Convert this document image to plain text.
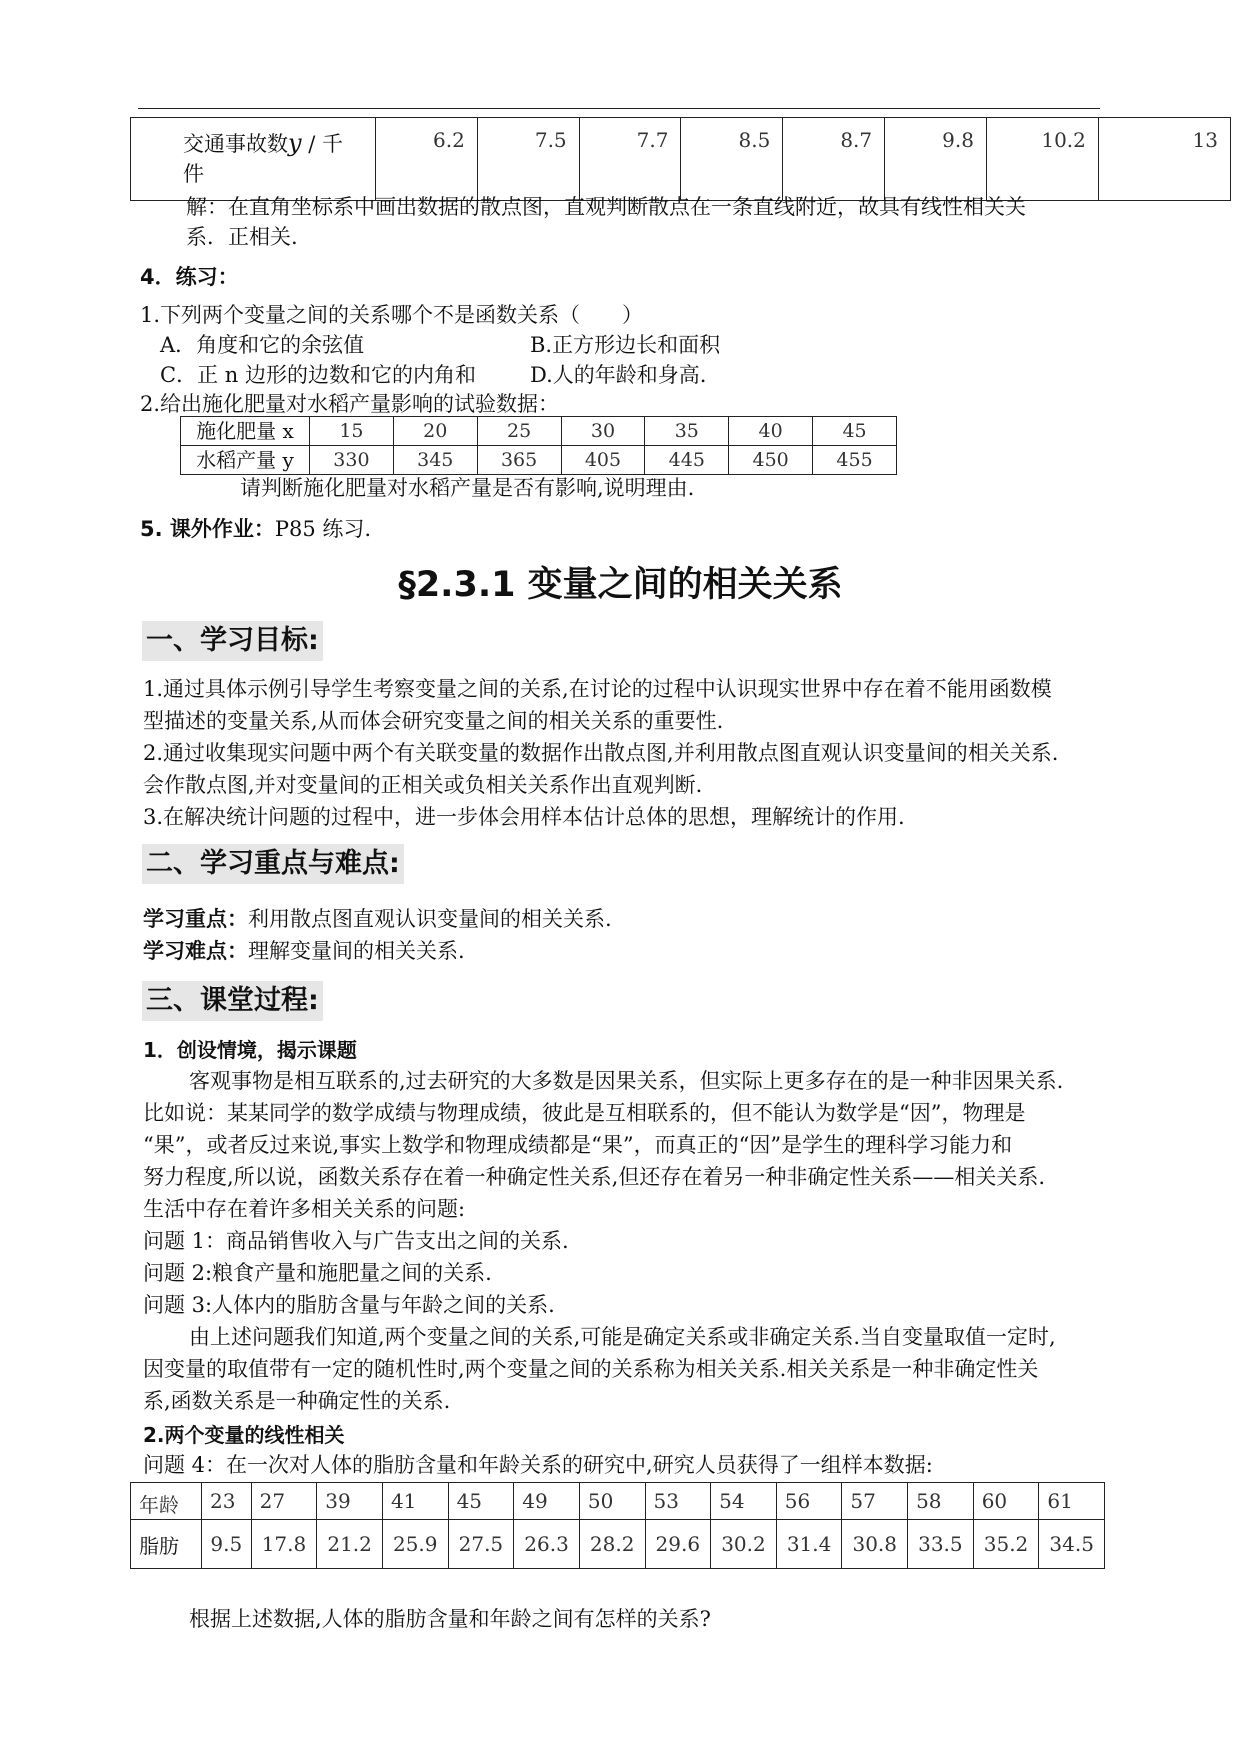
交通事故数y / 千
件	6.2	7.5	7.7	8.5	8.7	9.8	10.2	13
解：在直角坐标系中画出数据的散点图，直观判断散点在一条直线附近，故具有线性相关关
系．正相关.
4．练习：
1.下列两个变量之间的关系哪个不是函数关系（　　）
A．角度和它的余弦值	B.正方形边长和面积
C．正 n 边形的边数和它的内角和	D.人的年龄和身高.
2.给出施化肥量对水稻产量影响的试验数据：
施化肥量 x	15	20	25	30	35	40	45
水稻产量 y	330	345	365	405	445	450	455
请判断施化肥量对水稻产量是否有影响,说明理由.
5. 课外作业：P85 练习.
§2.3.1 变量之间的相关关系
一、学习目标:
1.通过具体示例引导学生考察变量之间的关系,在讨论的过程中认识现实世界中存在着不能用函数模
型描述的变量关系,从而体会研究变量之间的相关关系的重要性.
2.通过收集现实问题中两个有关联变量的数据作出散点图,并利用散点图直观认识变量间的相关关系.
会作散点图,并对变量间的正相关或负相关关系作出直观判断.
3.在解决统计问题的过程中，进一步体会用样本估计总体的思想，理解统计的作用.
二、学习重点与难点:
学习重点：利用散点图直观认识变量间的相关关系.
学习难点：理解变量间的相关关系.
三、课堂过程:
1．创设情境，揭示课题
客观事物是相互联系的,过去研究的大多数是因果关系，但实际上更多存在的是一种非因果关系.
比如说：某某同学的数学成绩与物理成绩，彼此是互相联系的，但不能认为数学是“因”，物理是
“果”，或者反过来说,事实上数学和物理成绩都是“果”，而真正的“因”是学生的理科学习能力和
努力程度,所以说，函数关系存在着一种确定性关系,但还存在着另一种非确定性关系——相关关系.
生活中存在着许多相关关系的问题:
问题 1：商品销售收入与广告支出之间的关系.
问题 2:粮食产量和施肥量之间的关系.
问题 3:人体内的脂肪含量与年龄之间的关系.
由上述问题我们知道,两个变量之间的关系,可能是确定关系或非确定关系.当自变量取值一定时,
因变量的取值带有一定的随机性时,两个变量之间的关系称为相关关系.相关关系是一种非确定性关
系,函数关系是一种确定性的关系.
2.两个变量的线性相关
问题 4：在一次对人体的脂肪含量和年龄关系的研究中,研究人员获得了一组样本数据:
年龄	23	27	39	41	45	49	50	53	54	56	57	58	60	61
脂肪	9.5	17.8	21.2	25.9	27.5	26.3	28.2	29.6	30.2	31.4	30.8	33.5	35.2	34.5
根据上述数据,人体的脂肪含量和年龄之间有怎样的关系?
